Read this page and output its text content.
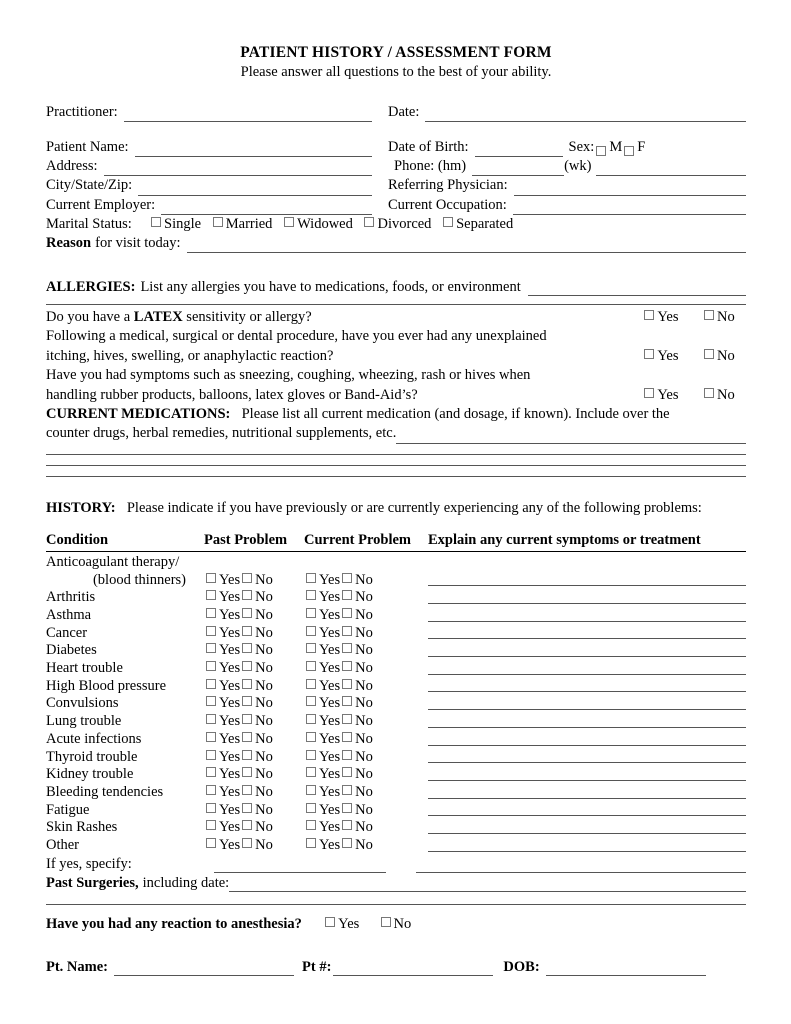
PATIENT HISTORY / ASSESSMENT FORM
Please answer all questions to the best of your ability.
Practitioner:	Date:
Patient Name:	Date of Birth:	Sex: M F
Address:	Phone: (hm)	(wk)
City/State/Zip:	Referring Physician:
Current Employer:	Current Occupation:
Marital Status: Single Married Widowed Divorced Separated
Reason for visit today:
ALLERGIES: List any allergies you have to medications, foods, or environment
Do you have a LATEX sensitivity or allergy?	Yes	No
Following a medical, surgical or dental procedure, have you ever had any unexplained
itching, hives, swelling, or anaphylactic reaction?	Yes	No
Have you had symptoms such as sneezing, coughing, wheezing, rash or hives when
handling rubber products, balloons, latex gloves or Band-Aid’s?	Yes	No
CURRENT MEDICATIONS: Please list all current medication (and dosage, if known). Include over the
counter drugs, herbal remedies, nutritional supplements, etc.
HISTORY: Please indicate if you have previously or are currently experiencing any of the following problems:
Condition	Past Problem	Current Problem	Explain any current symptoms or treatment
Anticoagulant therapy/			
(blood thinners)	Yes No	Yes No	

Arthritis	Yes No	Yes No	

Asthma	Yes No	Yes No	

Cancer	Yes No	Yes No	

Diabetes	Yes No	Yes No	

Heart trouble	Yes No	Yes No	

High Blood pressure	Yes No	Yes No	

Convulsions	Yes No	Yes No	

Lung trouble	Yes No	Yes No	

Acute infections	Yes No	Yes No	

Thyroid trouble	Yes No	Yes No	

Kidney trouble	Yes No	Yes No	

Bleeding tendencies	Yes No	Yes No	

Fatigue	Yes No	Yes No	

Skin Rashes	Yes No	Yes No	

Other	Yes No	Yes No	
If yes, specify:
Past Surgeries, including date:
Have you had any reaction to anesthesia?	Yes No
Pt. Name:	Pt #:	DOB:
